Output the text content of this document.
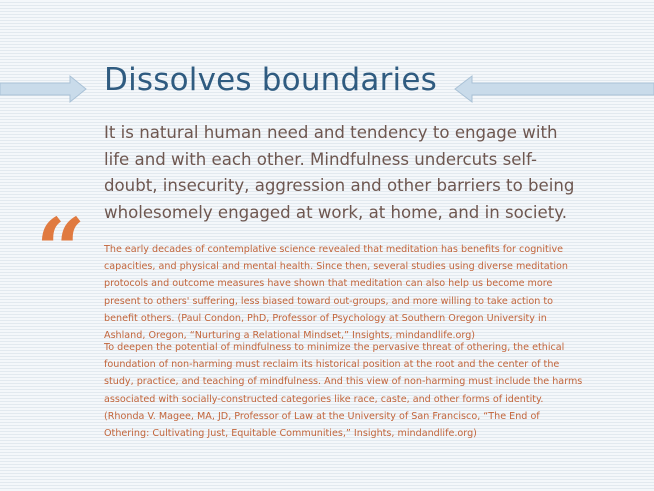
Dissolves boundaries
It is natural human need and tendency to engage with
life and with each other. Mindfulness undercuts self-
doubt, insecurity, aggression and other barriers to being
wholesomely engaged at work, at home, and in society.
“ The early decades of contemplative science revealed that meditation has benefits for cognitive
capacities, and physical and mental health. Since then, several studies using diverse meditation
protocols and outcome measures have shown that meditation can also help us become more
present to others' suffering, less biased toward out-groups, and more willing to take action to
benefit others. (Paul Condon, PhD, Professor of Psychology at Southern Oregon University in
Ashland, Oregon, “Nurturing a Relational Mindset,” Insights, mindandlife.org)
To deepen the potential of mindfulness to minimize the pervasive threat of othering, the ethical
foundation of non-harming must reclaim its historical position at the root and the center of the
study, practice, and teaching of mindfulness. And this view of non-harming must include the harms
associated with socially-constructed categories like race, caste, and other forms of identity.
(Rhonda V. Magee, MA, JD, Professor of Law at the University of San Francisco, “The End of
Othering: Cultivating Just, Equitable Communities,” Insights, mindandlife.org)
